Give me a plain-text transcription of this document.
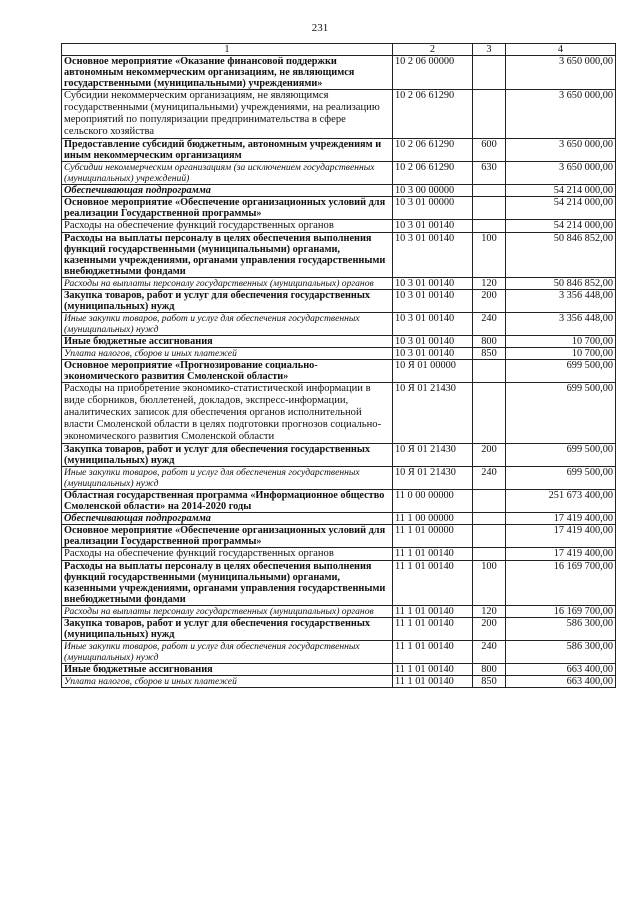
231
1	2	3	4
Основное мероприятие «Оказание финансовой поддержки автономным некоммерческим организациям, не являющимся государственными (муниципальными) учреждениями»	10 2 06 00000		3 650 000,00
Субсидии некоммерческим организациям, не являющимся государственными (муниципальными) учреждениями, на реализацию мероприятий по популяризации предпринимательства в сфере сельского хозяйства	10 2 06 61290		3 650 000,00
Предоставление субсидий бюджетным, автономным учреждениям и иным некоммерческим организациям	10 2 06 61290	600	3 650 000,00
Субсидии некоммерческим организациям (за исключением государственных (муниципальных) учреждений)	10 2 06 61290	630	3 650 000,00
Обеспечивающая подпрограмма	10 3 00 00000		54 214 000,00
Основное мероприятие «Обеспечение организационных условий для реализации Государственной программы»	10 3 01 00000		54 214 000,00
Расходы на обеспечение функций государственных органов	10 3 01 00140		54 214 000,00
Расходы на выплаты персоналу в целях обеспечения выполнения функций государственными (муниципальными) органами, казенными учреждениями, органами управления государственными внебюджетными фондами	10 3 01 00140	100	50 846 852,00
Расходы на выплаты персоналу государственных (муниципальных) органов	10 3 01 00140	120	50 846 852,00
Закупка товаров, работ и услуг для обеспечения государственных (муниципальных) нужд	10 3 01 00140	200	3 356 448,00
Иные закупки товаров, работ и услуг для обеспечения государственных (муниципальных) нужд	10 3 01 00140	240	3 356 448,00
Иные бюджетные ассигнования	10 3 01 00140	800	10 700,00
Уплата налогов, сборов и иных платежей	10 3 01 00140	850	10 700,00
Основное мероприятие «Прогнозирование социально-экономического развития Смоленской области»	10 Я 01 00000		699 500,00
Расходы на приобретение экономико-статистической информации в виде сборников, бюллетеней, докладов, экспресс-информации, аналитических записок для обеспечения органов исполнительной власти Смоленской области в целях подготовки прогнозов социально-экономического развития Смоленской области	10 Я 01 21430		699 500,00
Закупка товаров, работ и услуг для обеспечения государственных (муниципальных) нужд	10 Я 01 21430	200	699 500,00
Иные закупки товаров, работ и услуг для обеспечения государственных (муниципальных) нужд	10 Я 01 21430	240	699 500,00
Областная государственная программа «Информационное общество Смоленской области» на 2014-2020 годы	11 0 00 00000		251 673 400,00
Обеспечивающая подпрограмма	11 1 00 00000		17 419 400,00
Основное мероприятие «Обеспечение организационных условий для реализации Государственной программы»	11 1 01 00000		17 419 400,00
Расходы на обеспечение функций государственных органов	11 1 01 00140		17 419 400,00
Расходы на выплаты персоналу в целях обеспечения выполнения функций государственными (муниципальными) органами, казенными учреждениями, органами управления государственными внебюджетными фондами	11 1 01 00140	100	16 169 700,00
Расходы на выплаты персоналу государственных (муниципальных) органов	11 1 01 00140	120	16 169 700,00
Закупка товаров, работ и услуг для обеспечения государственных (муниципальных) нужд	11 1 01 00140	200	586 300,00
Иные закупки товаров, работ и услуг для обеспечения государственных (муниципальных) нужд	11 1 01 00140	240	586 300,00
Иные бюджетные ассигнования	11 1 01 00140	800	663 400,00
Уплата налогов, сборов и иных платежей	11 1 01 00140	850	663 400,00
